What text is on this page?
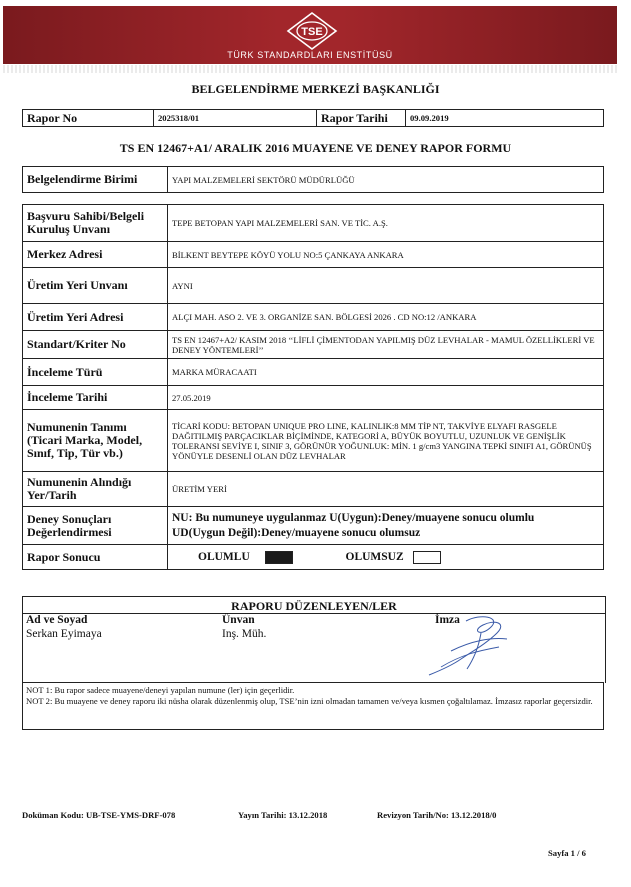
TSE
TÜRK STANDARDLARI ENSTİTÜSÜ
BELGELENDİRME MERKEZİ BAŞKANLIĞI
Rapor No	2025318/01	Rapor Tarihi	09.09.2019
TS EN 12467+A1/ ARALIK 2016 MUAYENE VE DENEY RAPOR FORMU
Belgelendirme Birimi	YAPI MALZEMELERİ SEKTÖRÜ MÜDÜRLÜĞÜ
Başvuru Sahibi/Belgeli Kuruluş Unvanı	TEPE BETOPAN YAPI MALZEMELERİ SAN. VE TİC. A.Ş.
Merkez Adresi	BİLKENT BEYTEPE KÖYÜ YOLU NO:5 ÇANKAYA ANKARA
Üretim Yeri Unvanı	AYNI
Üretim Yeri Adresi	ALÇI MAH. ASO 2. VE 3. ORGANİZE SAN. BÖLGESİ 2026 . CD NO:12 /ANKARA
Standart/Kriter No	TS EN 12467+A2/ KASIM 2018 ‘‘LİFLİ ÇİMENTODAN YAPILMIŞ DÜZ LEVHALAR - MAMUL ÖZELLİKLERİ VE DENEY YÖNTEMLERİ’’
İnceleme Türü	MARKA MÜRACAATI
İnceleme Tarihi	27.05.2019
Numunenin Tanımı (Ticari Marka, Model, Sınıf, Tip, Tür vb.)	TİCARİ KODU: BETOPAN UNIQUE PRO LINE, KALINLIK:8 MM TİP NT, TAKVİYE ELYAFI RASGELE DAĞITILMIŞ PARÇACIKLAR BİÇİMİNDE, KATEGORİ A, BÜYÜK BOYUTLU, UZUNLUK VE GENİŞLİK TOLERANSI SEVİYE I, SINIF 3, GÖRÜNÜR YOĞUNLUK: MİN. 1 g/cm3 YANGINA TEPKİ SINIFI A1, GÖRÜNÜŞ YÖNÜYLE DESENLİ OLAN DÜZ LEVHALAR
Numunenin Alındığı Yer/Tarih	ÜRETİM YERİ
Deney Sonuçları Değerlendirmesi	NU: Bu numuneye uygulanmaz U(Uygun):Deney/muayene sonucu olumlu
UD(Uygun Değil):Deney/muayene sonucu olumsuz

Rapor Sonucu	OLUMLU OLUMSUZ
RAPORU DÜZENLEYEN/LER
Ad ve Soyad	Ünvan	İmza
Serkan Eyimaya	Inş. Müh.
NOT 1: Bu rapor sadece muayene/deneyi yapılan numune (ler) için geçerlidir.
NOT 2: Bu muayene ve deney raporu iki nüsha olarak düzenlenmiş olup, TSE’nin izni olmadan tamamen ve/veya kısmen çoğaltılamaz. İmzasız raporlar geçersizdir.
Doküman Kodu: UB-TSE-YMS-DRF-078	Yayın Tarihi: 13.12.2018	Revizyon Tarih/No: 13.12.2018/0
Sayfa 1 / 6
